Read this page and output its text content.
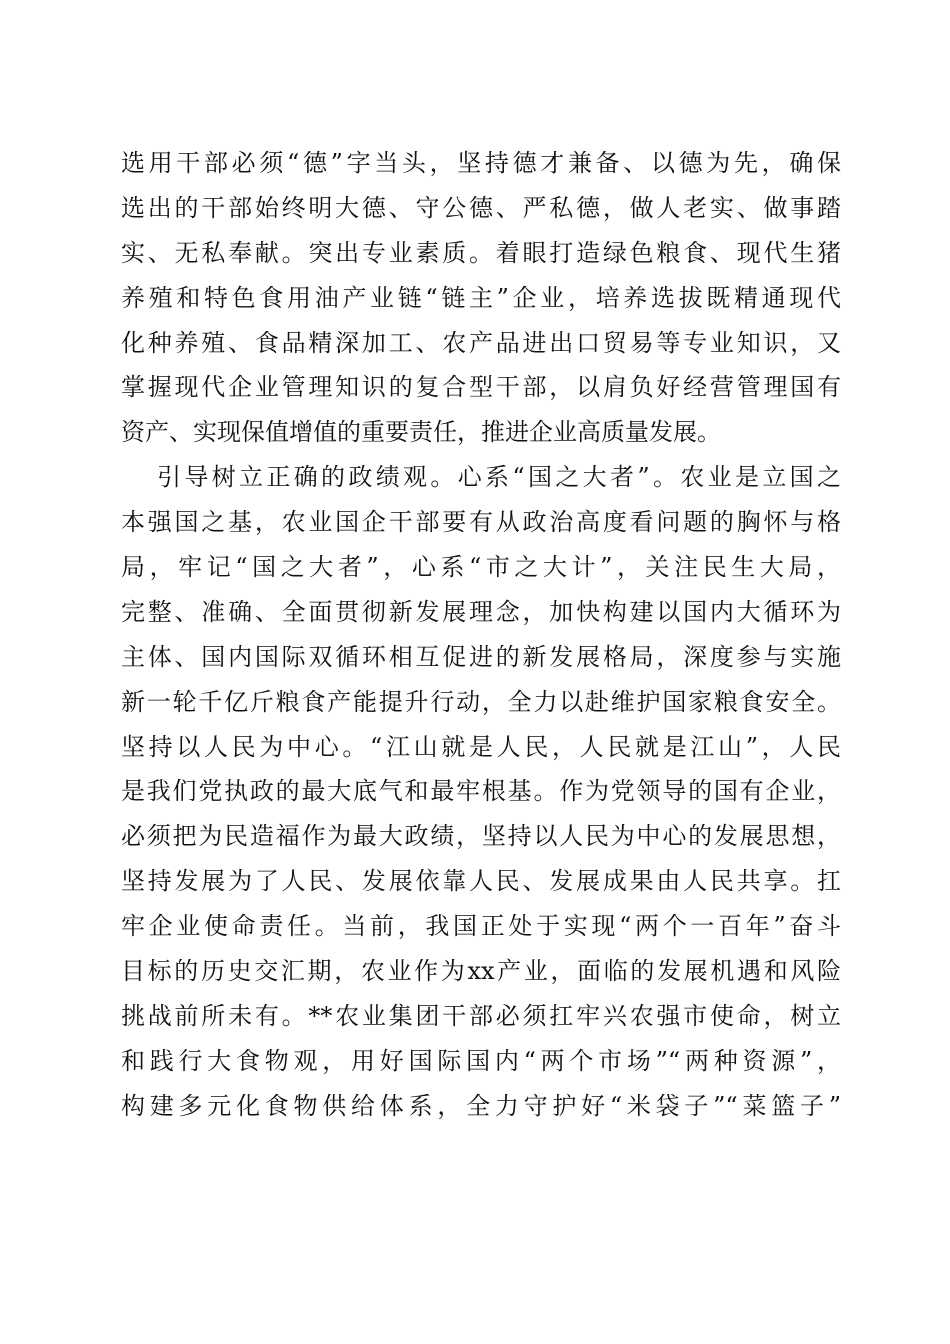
选用干部必须“德”字当头，坚持德才兼备、以德为先，确保
选出的干部始终明大德、守公德、严私德，做人老实、做事踏
实、无私奉献。突出专业素质。着眼打造绿色粮食、现代生猪
养殖和特色食用油产业链“链主”企业，培养选拔既精通现代
化种养殖、食品精深加工、农产品进出口贸易等专业知识，又
掌握现代企业管理知识的复合型干部，以肩负好经营管理国有
资产、实现保值增值的重要责任，推进企业高质量发展。
引导树立正确的政绩观。心系“国之大者”。农业是立国之
本强国之基，农业国企干部要有从政治高度看问题的胸怀与格
局，牢记“国之大者”，心系“市之大计”，关注民生大局，
完整、准确、全面贯彻新发展理念，加快构建以国内大循环为
主体、国内国际双循环相互促进的新发展格局，深度参与实施
新一轮千亿斤粮食产能提升行动，全力以赴维护国家粮食安全。
坚持以人民为中心。“江山就是人民，人民就是江山”，人民
是我们党执政的最大底气和最牢根基。作为党领导的国有企业，
必须把为民造福作为最大政绩，坚持以人民为中心的发展思想，
坚持发展为了人民、发展依靠人民、发展成果由人民共享。扛
牢企业使命责任。当前，我国正处于实现“两个一百年”奋斗
目标的历史交汇期，农业作为xx产业，面临的发展机遇和风险
挑战前所未有。**农业集团干部必须扛牢兴农强市使命，树立
和践行大食物观，用好国际国内“两个市场”“两种资源”，
构建多元化食物供给体系，全力守护好“米袋子”“菜篮子”
